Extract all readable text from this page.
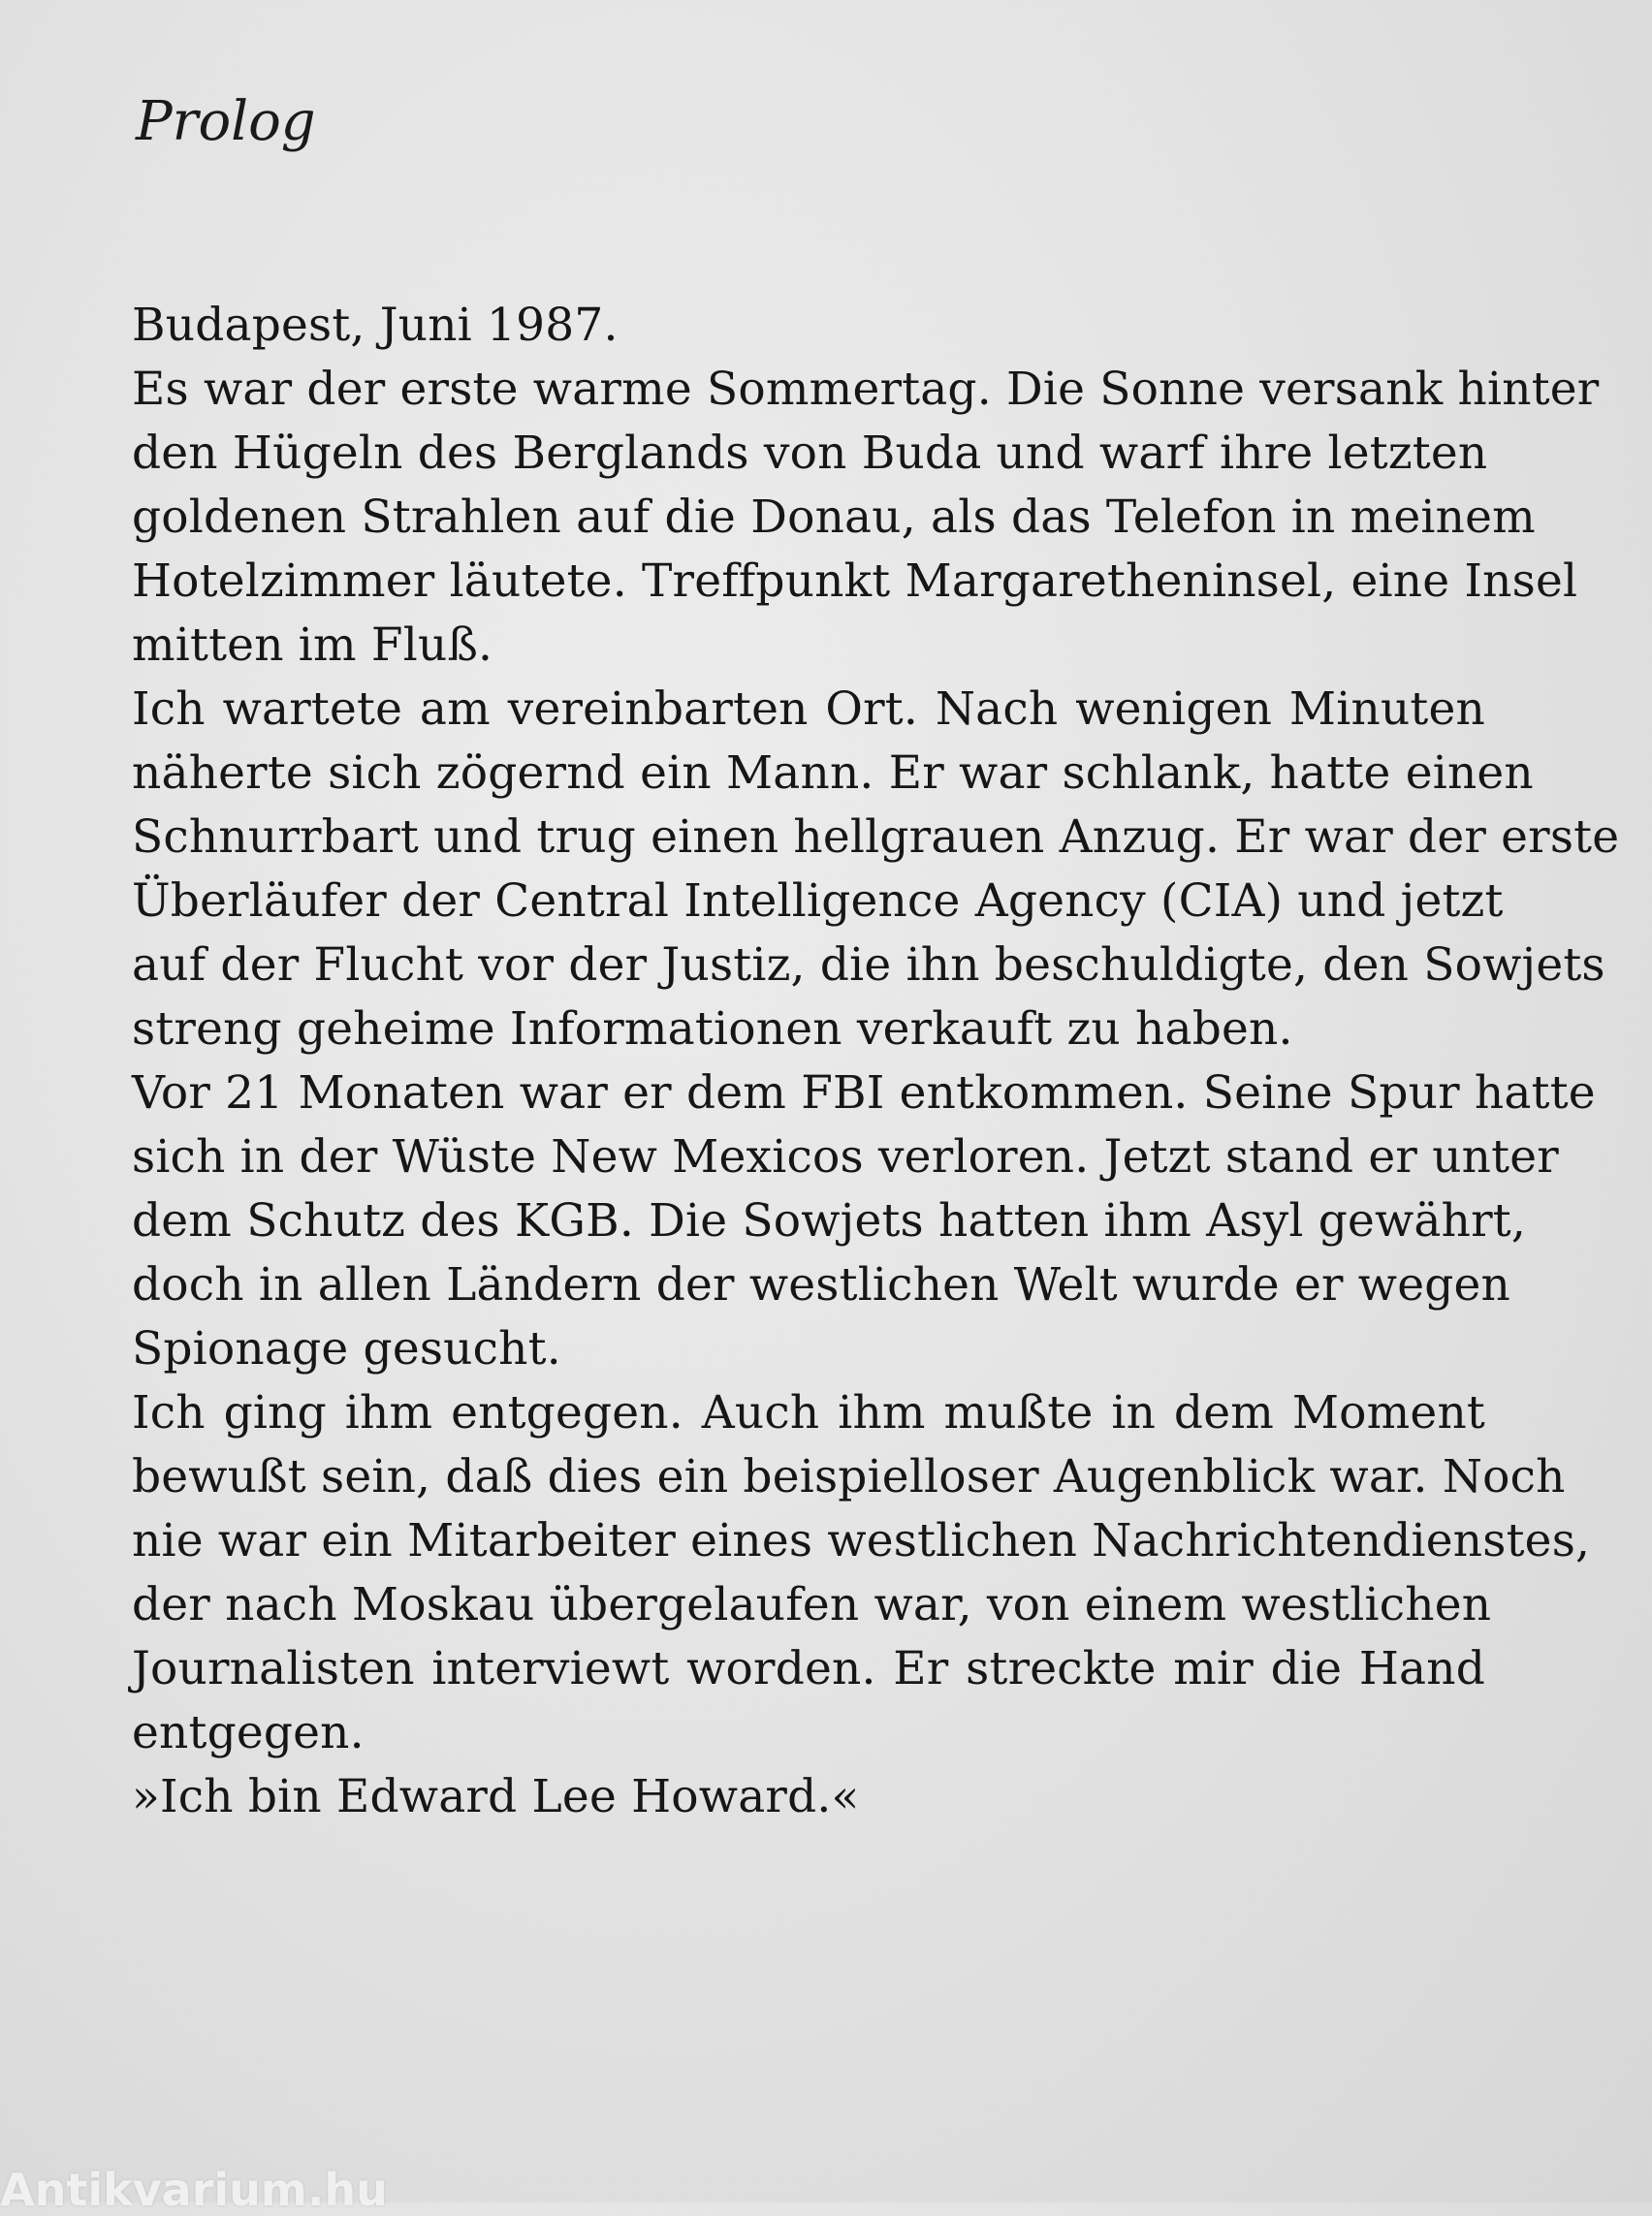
Prolog
Budapest, Juni 1987.
Es war der erste warme Sommertag. Die Sonne versank hinter
den Hügeln des Berglands von Buda und warf ihre letzten
goldenen Strahlen auf die Donau, als das Telefon in meinem
Hotelzimmer läutete. Treffpunkt Margaretheninsel, eine Insel
mitten im Fluß.
Ich wartete am vereinbarten Ort. Nach wenigen Minuten
näherte sich zögernd ein Mann. Er war schlank, hatte einen
Schnurrbart und trug einen hellgrauen Anzug. Er war der erste
Überläufer der Central Intelligence Agency (CIA) und jetzt
auf der Flucht vor der Justiz, die ihn beschuldigte, den Sowjets
streng geheime Informationen verkauft zu haben.
Vor 21 Monaten war er dem FBI entkommen. Seine Spur hatte
sich in der Wüste New Mexicos verloren. Jetzt stand er unter
dem Schutz des KGB. Die Sowjets hatten ihm Asyl gewährt,
doch in allen Ländern der westlichen Welt wurde er wegen
Spionage gesucht.
Ich ging ihm entgegen. Auch ihm mußte in dem Moment
bewußt sein, daß dies ein beispielloser Augenblick war. Noch
nie war ein Mitarbeiter eines westlichen Nachrichtendienstes,
der nach Moskau übergelaufen war, von einem westlichen
Journalisten interviewt worden. Er streckte mir die Hand
entgegen.
»Ich bin Edward Lee Howard.«
Antikvarium.hu
